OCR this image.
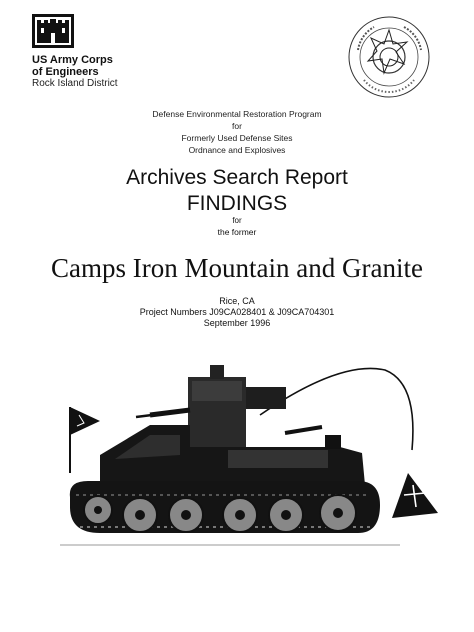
US Army Corps
of Engineers
Rock Island District
Defense Environmental Restoration Program
for
Formerly Used Defense Sites
Ordnance and Explosives
Archives Search Report
FINDINGS
for
the former
Camps Iron Mountain and Granite
Rice, CA
Project Numbers J09CA028401 & J09CA704301
September 1996
